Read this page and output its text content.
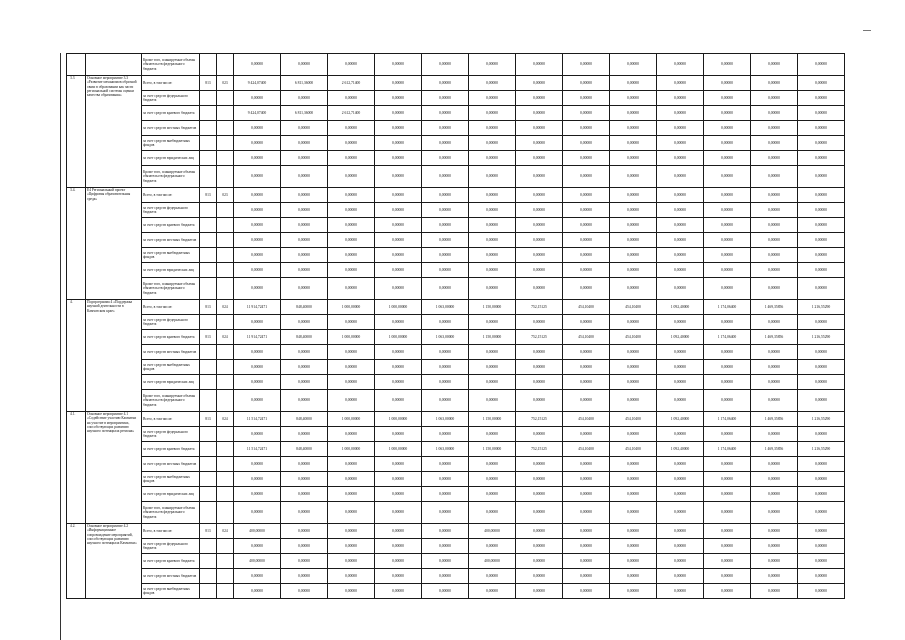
		Кроме того, планируемые объемы обязательств федерального бюджета			0,00000	0,00000	0,00000	0,00000	0,00000	0,00000	0,00000	0,00000	0,00000	0,00000	0,00000	0,00000	0,00000
3.3	Основное мероприятие 3.3 «Развитие механизмов обратной связи в образовании как части региональной системы оценки качества образования»	Всего, в том числе:	813	023	9 424,07400	6 811,36000	2 612,71400	0,00000	0,00000	0,00000	0,00000	0,00000	0,00000	0,00000	0,00000	0,00000	0,00000
		за счет средств федерального бюджета			0,00000	0,00000	0,00000	0,00000	0,00000	0,00000	0,00000	0,00000	0,00000	0,00000	0,00000	0,00000	0,00000
		за счет средств краевого бюджета			9 424,07400	6 811,36000	2 612,71400	0,00000	0,00000	0,00000	0,00000	0,00000	0,00000	0,00000	0,00000	0,00000	0,00000
		за счет средств местных бюджетов			0,00000	0,00000	0,00000	0,00000	0,00000	0,00000	0,00000	0,00000	0,00000	0,00000	0,00000	0,00000	0,00000
		за счет средств внебюджетных фондов			0,00000	0,00000	0,00000	0,00000	0,00000	0,00000	0,00000	0,00000	0,00000	0,00000	0,00000	0,00000	0,00000
		за счет средств юридических лиц			0,00000	0,00000	0,00000	0,00000	0,00000	0,00000	0,00000	0,00000	0,00000	0,00000	0,00000	0,00000	0,00000
		Кроме того, планируемые объемы обязательств федерального бюджета			0,00000	0,00000	0,00000	0,00000	0,00000	0,00000	0,00000	0,00000	0,00000	0,00000	0,00000	0,00000	0,00000
3.4.	Е4 Региональный проект «Цифровая образовательная среда»	Всего, в том числе:	813	023	0,00000	0,00000	0,00000	0,00000	0,00000	0,00000	0,00000	0,00000	0,00000	0,00000	0,00000	0,00000	0,00000
		за счет средств федерального бюджета			0,00000	0,00000	0,00000	0,00000	0,00000	0,00000	0,00000	0,00000	0,00000	0,00000	0,00000	0,00000	0,00000
		за счет средств краевого бюджета			0,00000	0,00000	0,00000	0,00000	0,00000	0,00000	0,00000	0,00000	0,00000	0,00000	0,00000	0,00000	0,00000
		за счет средств местных бюджетов			0,00000	0,00000	0,00000	0,00000	0,00000	0,00000	0,00000	0,00000	0,00000	0,00000	0,00000	0,00000	0,00000
		за счет средств внебюджетных фондов			0,00000	0,00000	0,00000	0,00000	0,00000	0,00000	0,00000	0,00000	0,00000	0,00000	0,00000	0,00000	0,00000
		за счет средств юридических лиц			0,00000	0,00000	0,00000	0,00000	0,00000	0,00000	0,00000	0,00000	0,00000	0,00000	0,00000	0,00000	0,00000
		Кроме того, планируемые объемы обязательств федерального бюджета			0,00000	0,00000	0,00000	0,00000	0,00000	0,00000	0,00000	0,00000	0,00000	0,00000	0,00000	0,00000	0,00000
4.	Подпрограмма 4 «Поддержка научной деятельности в Камчатском крае»	Всего, в том числе:	813	024	11 914,72471	848,40000	1 000,00000	1 000,00000	1 063,00000	1 150,00000	752,15125	454,10400	454,10400	1 092,40000	1 174,06400	1 469,35856	1 216,55290
		за счет средств федерального бюджета			0,00000	0,00000	0,00000	0,00000	0,00000	0,00000	0,00000	0,00000	0,00000	0,00000	0,00000	0,00000	0,00000
		за счет средств краевого бюджета	813	024	11 914,72471	848,40000	1 000,00000	1 000,00000	1 063,00000	1 150,00000	752,15125	454,10400	454,10400	1 092,40000	1 174,06400	1 469,35856	1 216,55290
		за счет средств местных бюджетов			0,00000	0,00000	0,00000	0,00000	0,00000	0,00000	0,00000	0,00000	0,00000	0,00000	0,00000	0,00000	0,00000
		за счет средств внебюджетных фондов			0,00000	0,00000	0,00000	0,00000	0,00000	0,00000	0,00000	0,00000	0,00000	0,00000	0,00000	0,00000	0,00000
		за счет средств юридических лиц			0,00000	0,00000	0,00000	0,00000	0,00000	0,00000	0,00000	0,00000	0,00000	0,00000	0,00000	0,00000	0,00000
		Кроме того, планируемые объемы обязательств федерального бюджета			0,00000	0,00000	0,00000	0,00000	0,00000	0,00000	0,00000	0,00000	0,00000	0,00000	0,00000	0,00000	0,00000
4.1.	Основное мероприятие 4.1 «Содействие участию Камчатки на участие в мероприятиях, способствующих развитию научного потенциала региона»	Всего, в том числе:	813	024	11 514,72471	848,40000	1 000,00000	1 000,00000	1 063,00000	1 150,00000	752,15125	454,10400	454,10400	1 092,40000	1 174,06400	1 469,35856	1 216,55290
		за счет средств федерального бюджета			0,00000	0,00000	0,00000	0,00000	0,00000	0,00000	0,00000	0,00000	0,00000	0,00000	0,00000	0,00000	0,00000
		за счет средств краевого бюджета			11 514,72471	848,40000	1 000,00000	1 000,00000	1 063,00000	1 150,00000	752,15125	454,10400	454,10400	1 092,40000	1 174,06400	1 469,35856	1 216,55290
		за счет средств местных бюджетов			0,00000	0,00000	0,00000	0,00000	0,00000	0,00000	0,00000	0,00000	0,00000	0,00000	0,00000	0,00000	0,00000
		за счет средств внебюджетных фондов			0,00000	0,00000	0,00000	0,00000	0,00000	0,00000	0,00000	0,00000	0,00000	0,00000	0,00000	0,00000	0,00000
		за счет средств юридических лиц			0,00000	0,00000	0,00000	0,00000	0,00000	0,00000	0,00000	0,00000	0,00000	0,00000	0,00000	0,00000	0,00000
		Кроме того, планируемые объемы обязательств федерального бюджета			0,00000	0,00000	0,00000	0,00000	0,00000	0,00000	0,00000	0,00000	0,00000	0,00000	0,00000	0,00000	0,00000
4.2.	Основное мероприятие 4.2 «Информационное сопровождение мероприятий, способствующих развитию научного потенциала Камчатки»	Всего, в том числе:	813	024	400,00000	0,00000	0,00000	0,00000	0,00000	400,00000	0,00000	0,00000	0,00000	0,00000	0,00000	0,00000	0,00000
		за счет средств федерального бюджета			0,00000	0,00000	0,00000	0,00000	0,00000	0,00000	0,00000	0,00000	0,00000	0,00000	0,00000	0,00000	0,00000
		за счет средств краевого бюджета			400,00000	0,00000	0,00000	0,00000	0,00000	400,00000	0,00000	0,00000	0,00000	0,00000	0,00000	0,00000	0,00000
		за счет средств местных бюджетов			0,00000	0,00000	0,00000	0,00000	0,00000	0,00000	0,00000	0,00000	0,00000	0,00000	0,00000	0,00000	0,00000
		за счет средств внебюджетных фондов			0,00000	0,00000	0,00000	0,00000	0,00000	0,00000	0,00000	0,00000	0,00000	0,00000	0,00000	0,00000	0,00000
